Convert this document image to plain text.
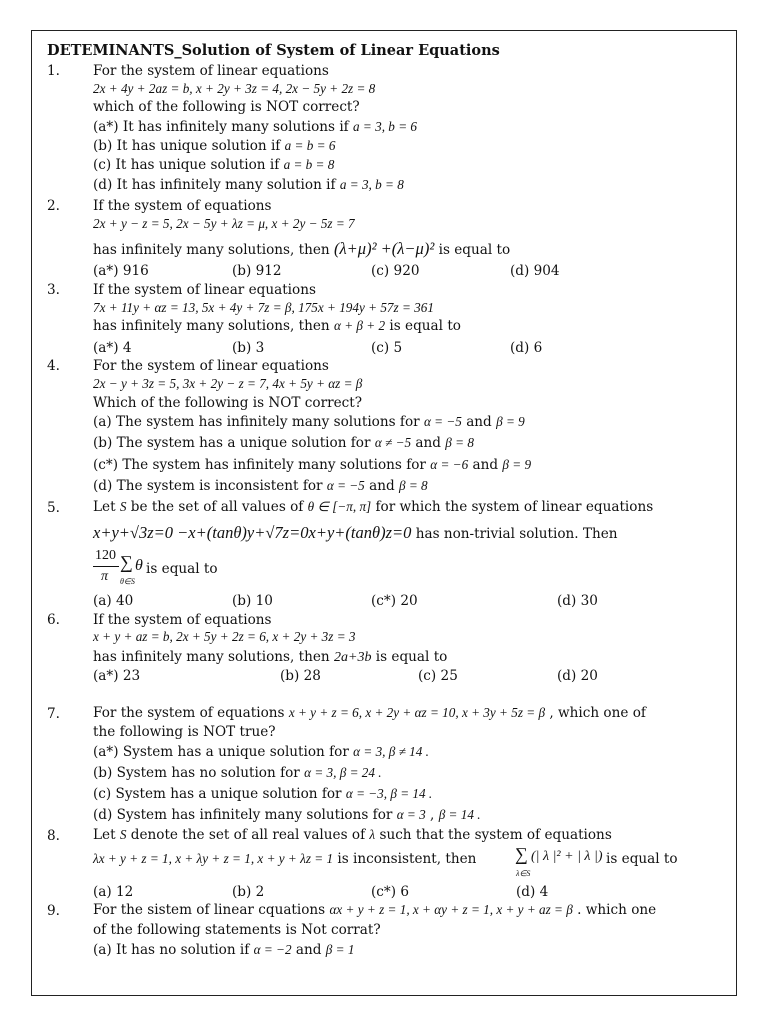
DETEMINANTS_Solution of System of Linear Equations
1. For the system of linear equations
2x + 4y + 2az = b, x + 2y + 3z = 4, 2x − 5y + 2z = 8
which of the following is NOT correct?
(a*) It has infinitely many solutions if a = 3, b = 6
(b) It has unique solution if a = b = 6
(c) It has unique solution if a = b = 8
(d) It has infinitely many solution if a = 3, b = 8
2. If the system of equations
2x + y − z = 5, 2x − 5y + λz = μ, x + 2y − 5z = 7
has infinitely many solutions, then (λ+μ)² +(λ−μ)² is equal to
(a*) 916	(b) 912	(c) 920	(d) 904
3. If the system of linear equations
7x + 11y + αz = 13, 5x + 4y + 7z = β, 175x + 194y + 57z = 361
has infinitely many solutions, then α + β + 2 is equal to
(a*) 4	(b) 3	(c) 5	(d) 6
4. For the system of linear equations
2x − y + 3z = 5, 3x + 2y − z = 7, 4x + 5y + αz = β
Which of the following is NOT correct?
(a) The system has infinitely many solutions for α = −5 and β = 9
(b) The system has a unique solution for α ≠ −5 and β = 8
(c*) The system has infinitely many solutions for α = −6 and β = 9
(d) The system is inconsistent for α = −5 and β = 8
5. Let S be the set of all values of θ ∈ [−π, π] for which the system of linear equations
x+y+√3z=0 −x+(tanθ)y+√7z=0x+y+(tanθ)z=0 has non-trivial solution. Then
120
π
∑
θ∈S
θ is equal to
(a) 40	(b) 10	(c*) 20	(d) 30
6. If the system of equations
x + y + az = b, 2x + 5y + 2z = 6, x + 2y + 3z = 3
has infinitely many solutions, then 2a+3b is equal to
(a*) 23	(b) 28	(c) 25	(d) 20
7. For the system of equations x + y + z = 6, x + 2y + αz = 10, x + 3y + 5z = β , which one of
the following is NOT true?
(a*) System has a unique solution for α = 3, β ≠ 14 .
(b) System has no solution for α = 3, β = 24 .
(c) System has a unique solution for α = −3, β = 14 .
(d) System has infinitely many solutions for α = 3 , β = 14 .
8. Let S denote the set of all real values of λ such that the system of equations
λx + y + z = 1, x + λy + z = 1, x + y + λz = 1 is inconsistent, then ∑
λ∈S
(| λ |² + | λ |) is equal to
(a) 12	(b) 2	(c*) 6	(d) 4
9. For the sistem of linear cquations αx + y + z = 1, x + αy + z = 1, x + y + az = β . which one
of the following statements is Not corrat?
(a) It has no solution if α = −2 and β = 1
